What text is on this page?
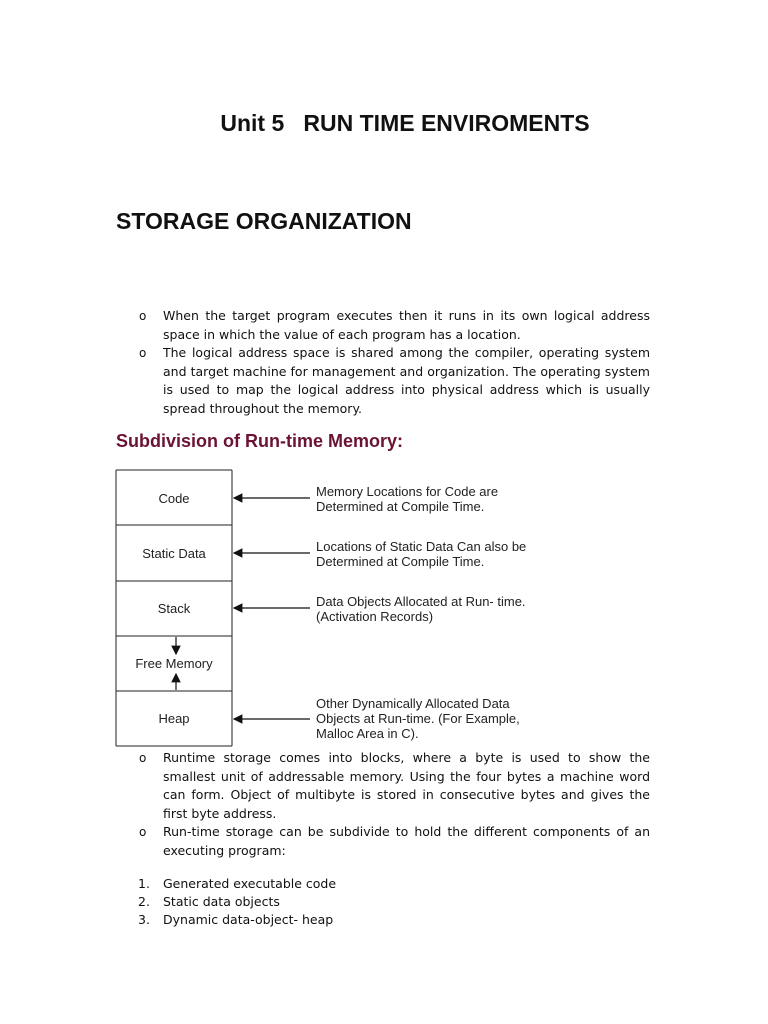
Unit 5   RUN TIME ENVIROMENTS
STORAGE ORGANIZATION
o When the target program executes then it runs in its own logical address space in which the value of each program has a location.
o The logical address space is shared among the compiler, operating system and target machine for management and organization. The operating system is used to map the logical address into physical address which is usually spread throughout the memory.
Subdivision of Run-time Memory:
Code
Static Data
Stack
Free Memory
Heap
Memory Locations for Code are
Determined at Compile Time.
Locations of Static Data Can also be
Determined at Compile Time.
Data Objects Allocated at Run- time.
(Activation Records)
Other Dynamically Allocated Data
Objects at Run-time. (For Example,
Malloc Area in C).
o Runtime storage comes into blocks, where a byte is used to show the smallest unit of addressable memory. Using the four bytes a machine word can form. Object of multibyte is stored in consecutive bytes and gives the first byte address.
o Run-time storage can be subdivide to hold the different components of an executing program:
1. Generated executable code
2. Static data objects
3. Dynamic data-object- heap
